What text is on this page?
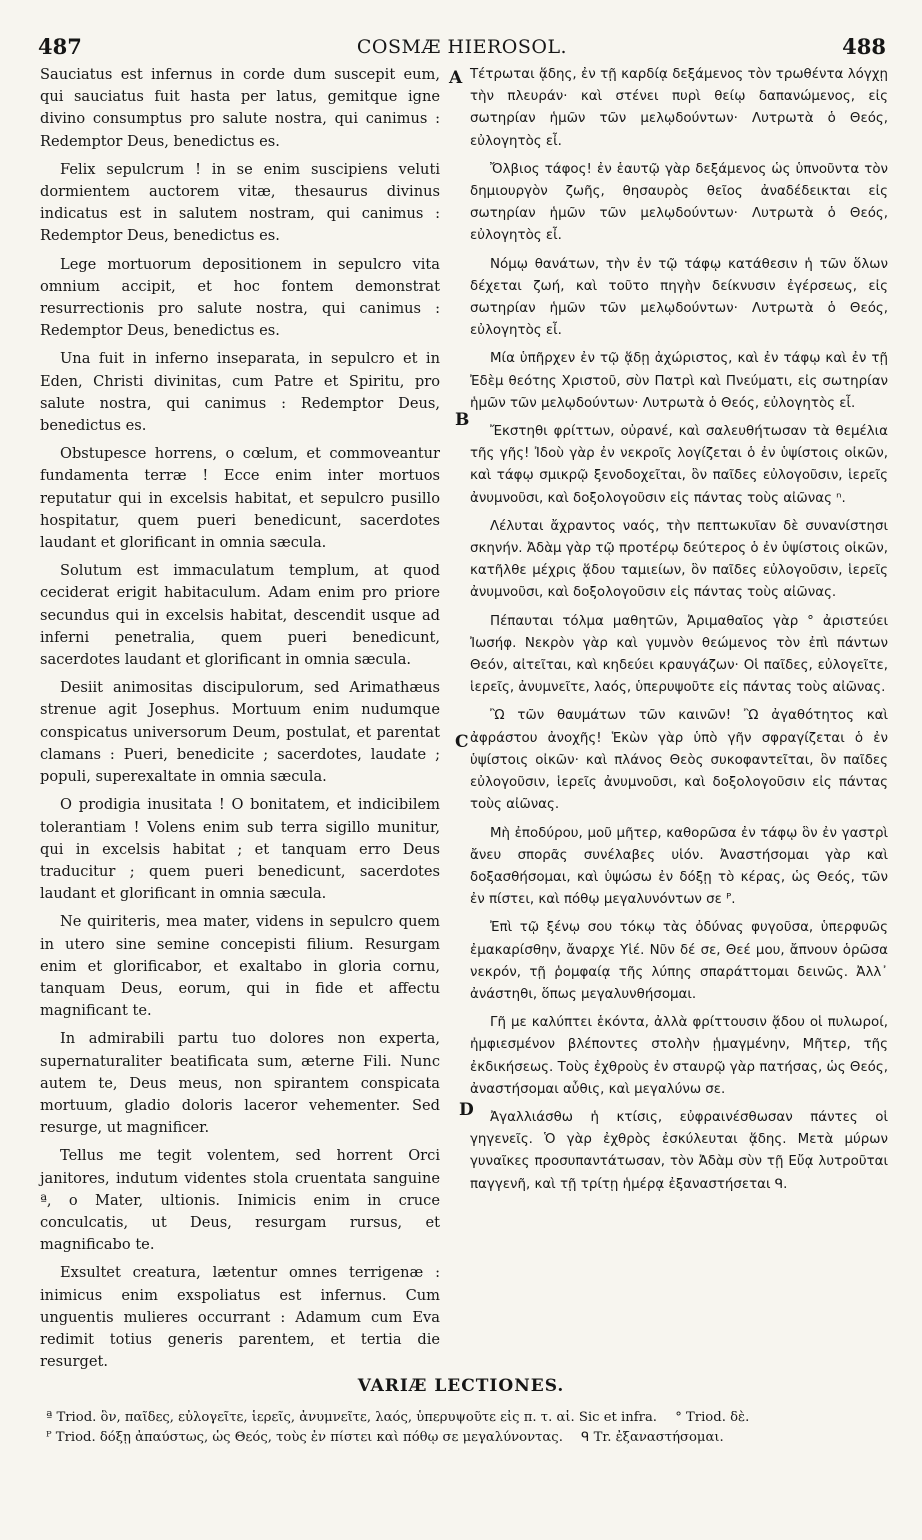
487	COSMÆ HIEROSOL.	488

Sauciatus est infernus in corde dum suscepit eum, qui sauciatus fuit hasta per latus, gemitque igne divino consumptus pro salute nostra, qui canimus : Redemptor Deus, benedictus es.

Felix sepulcrum ! in se enim suscipiens veluti dormientem auctorem vitæ, thesaurus divinus indicatus est in salutem nostram, qui canimus : Redemptor Deus, benedictus es.

Lege mortuorum depositionem in sepulcro vita omnium accipit, et hoc fontem demonstrat resurrectionis pro salute nostra, qui canimus : Redemptor Deus, benedictus es.

Una fuit in inferno inseparata, in sepulcro et in Eden, Christi divinitas, cum Patre et Spiritu, pro salute nostra, qui canimus : Redemptor Deus, benedictus es.

Obstupesce horrens, o cœlum, et commoveantur fundamenta terræ ! Ecce enim inter mortuos reputatur qui in excelsis habitat, et sepulcro pusillo hospitatur, quem pueri benedicunt, sacerdotes laudant et glorificant in omnia sæcula.

Solutum est immaculatum templum, at quod ceciderat erigit habitaculum. Adam enim pro priore secundus qui in excelsis habitat, descendit usque ad inferni penetralia, quem pueri benedicunt, sacerdotes laudant et glorificant in omnia sæcula.

Desiit animositas discipulorum, sed Arimathæus strenue agit Josephus. Mortuum enim nudumque conspicatus universorum Deum, postulat, et parentat clamans : Pueri, benedicite ; sacerdotes, laudate ; populi, superexaltate in omnia sæcula.

O prodigia inusitata ! O bonitatem, et indicibilem tolerantiam ! Volens enim sub terra sigillo munitur, qui in excelsis habitat ; et tanquam erro Deus traducitur ; quem pueri benedicunt, sacerdotes laudant et glorificant in omnia sæcula.

Ne quiriteris, mea mater, videns in sepulcro quem in utero sine semine concepisti filium. Resurgam enim et glorificabor, et exaltabo in gloria cornu, tanquam Deus, eorum, qui in fide et affectu magnificant te.

In admirabili partu tuo dolores non experta, supernaturaliter beatificata sum, æterne Fili. Nunc autem te, Deus meus, non spirantem conspicata mortuum, gladio doloris laceror vehementer. Sed resurge, ut magnificer.

Tellus me tegit volentem, sed horrent Orci janitores, indutum videntes stola cruentata sanguine ª, o Mater, ultionis. Inimicis enim in cruce conculcatis, ut Deus, resurgam rursus, et magnificabo te.

Exsultet creatura, lætentur omnes terrigenæ : inimicus enim exspoliatus est infernus. Cum unguentis mulieres occurrant : Adamum cum Eva redimit totius generis parentem, et tertia die resurget.

A
B
C
D

Τέτρωται ᾅδης, ἐν τῇ καρδίᾳ δεξάμενος τὸν τρωθέντα λόγχῃ τὴν πλευράν· καὶ στένει πυρὶ θείῳ δαπανώμενος, εἰς σωτηρίαν ἡμῶν τῶν μελῳδούντων· Λυτρωτὰ ὁ Θεός, εὐλογητὸς εἶ.

Ὄλβιος τάφος! ἐν ἑαυτῷ γὰρ δεξάμενος ὡς ὑπνοῦντα τὸν δημιουργὸν ζωῆς, θησαυρὸς θεῖος ἀναδέδεικται εἰς σωτηρίαν ἡμῶν τῶν μελῳδούντων· Λυτρωτὰ ὁ Θεός, εὐλογητὸς εἶ.

Νόμῳ θανάτων, τὴν ἐν τῷ τάφῳ κατάθεσιν ἡ τῶν ὅλων δέχεται ζωή, καὶ τοῦτο πηγὴν δείκνυσιν ἐγέρσεως, εἰς σωτηρίαν ἡμῶν τῶν μελῳδούντων· Λυτρωτὰ ὁ Θεός, εὐλογητὸς εἶ.

Μία ὑπῆρχεν ἐν τῷ ᾅδῃ ἀχώριστος, καὶ ἐν τάφῳ καὶ ἐν τῇ Ἐδὲμ θεότης Χριστοῦ, σὺν Πατρὶ καὶ Πνεύματι, εἰς σωτηρίαν ἡμῶν τῶν μελῳδούντων· Λυτρωτὰ ὁ Θεός, εὐλογητὸς εἶ.

Ἔκστηθι φρίττων, οὐρανέ, καὶ σαλευθήτωσαν τὰ θεμέλια τῆς γῆς! Ἰδοὺ γὰρ ἐν νεκροῖς λογίζεται ὁ ἐν ὑψίστοις οἰκῶν, καὶ τάφῳ σμικρῷ ξενοδοχεῖται, ὃν παῖδες εὐλογοῦσιν, ἱερεῖς ἀνυμνοῦσι, καὶ δοξολογοῦσιν εἰς πάντας τοὺς αἰῶνας ⁿ.

Λέλυται ἄχραντος ναός, τὴν πεπτωκυῖαν δὲ συνανίστησι σκηνήν. Ἀδὰμ γὰρ τῷ προτέρῳ δεύτερος ὁ ἐν ὑψίστοις οἰκῶν, κατῆλθε μέχρις ᾅδου ταμιείων, ὃν παῖδες εὐλογοῦσιν, ἱερεῖς ἀνυμνοῦσι, καὶ δοξολογοῦσιν εἰς πάντας τοὺς αἰῶνας.

Πέπαυται τόλμα μαθητῶν, Ἀριμαθαῖος γὰρ ° ἀριστεύει Ἰωσήφ. Νεκρὸν γὰρ καὶ γυμνὸν θεώμενος τὸν ἐπὶ πάντων Θεόν, αἰτεῖται, καὶ κηδεύει κραυγάζων· Οἱ παῖδες, εὐλογεῖτε, ἱερεῖς, ἀνυμνεῖτε, λαός, ὑπερυψοῦτε εἰς πάντας τοὺς αἰῶνας.

Ὢ τῶν θαυμάτων τῶν καινῶν! Ὢ ἀγαθότητος καὶ ἀφράστου ἀνοχῆς! Ἑκὼν γὰρ ὑπὸ γῆν σφραγίζεται ὁ ἐν ὑψίστοις οἰκῶν· καὶ πλάνος Θεὸς συκοφαντεῖται, ὃν παῖδες εὐλογοῦσιν, ἱερεῖς ἀνυμνοῦσι, καὶ δοξολογοῦσιν εἰς πάντας τοὺς αἰῶνας.

Μὴ ἐποδύρου, μοῦ μῆτερ, καθορῶσα ἐν τάφῳ ὃν ἐν γαστρὶ ἄνευ σπορᾶς συνέλαβες υἱόν. Ἀναστήσομαι γὰρ καὶ δοξασθήσομαι, καὶ ὑψώσω ἐν δόξῃ τὸ κέρας, ὡς Θεός, τῶν ἐν πίστει, καὶ πόθῳ μεγαλυνόντων σε ᴾ.

Ἐπὶ τῷ ξένῳ σου τόκῳ τὰς ὀδύνας φυγοῦσα, ὑπερφυῶς ἐμακαρίσθην, ἄναρχε Υἱέ. Νῦν δέ σε, Θεέ μου, ἄπνουν ὁρῶσα νεκρόν, τῇ ῥομφαίᾳ τῆς λύπης σπαράττομαι δεινῶς. Ἀλλ᾽ ἀνάστηθι, ὅπως μεγαλυνθήσομαι.

Γῆ με καλύπτει ἑκόντα, ἀλλὰ φρίττουσιν ᾅδου οἱ πυλωροί, ἠμφιεσμένον βλέποντες στολὴν ᾑμαγμένην, Μῆτερ, τῆς ἐκδικήσεως. Τοὺς ἐχθροὺς ἐν σταυρῷ γὰρ πατήσας, ὡς Θεός, ἀναστήσομαι αὖθις, καὶ μεγαλύνω σε.

Ἀγαλλιάσθω ἡ κτίσις, εὐφραινέσθωσαν πάντες οἱ γηγενεῖς. Ὁ γὰρ ἐχθρὸς ἐσκύλευται ᾅδης. Μετὰ μύρων γυναῖκες προσυπαντάτωσαν, τὸν Ἀδὰμ σὺν τῇ Εὔᾳ λυτροῦται παγγενῆ, καὶ τῇ τρίτῃ ἡμέρᾳ ἐξαναστήσεται ᑫ.

VARIÆ LECTIONES.
ª Triod. ὃν, παῖδες, εὐλογεῖτε, ἱερεῖς, ἀνυμνεῖτε, λαός, ὑπερυψοῦτε εἰς π. τ. αἱ. Sic et infra. ° Triod. δὲ.
ᴾ Triod. δόξῃ ἀπαύστως, ὡς Θεός, τοὺς ἐν πίστει καὶ πόθῳ σε μεγαλύνοντας. ᑫ Tr. ἐξαναστήσομαι.
